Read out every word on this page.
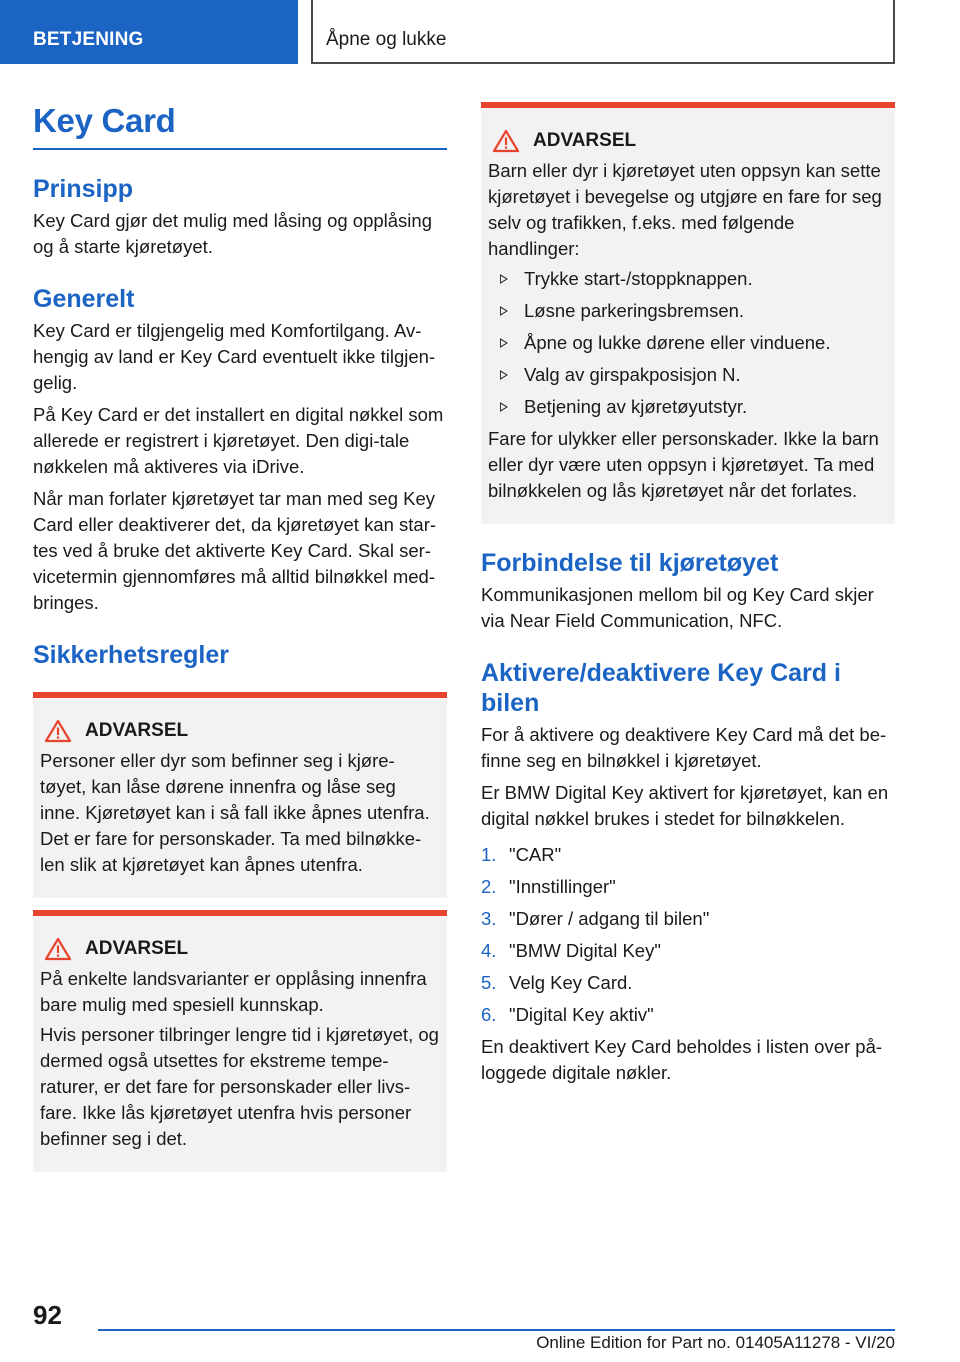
BETJENING	Åpne og lukke
Key Card
Prinsipp

Key Card gjør det mulig med låsing og opplåsing og å starte kjøretøyet.

Generelt

Key Card er tilgjengelig med Komfortilgang. Av-hengig av land er Key Card eventuelt ikke tilgjen-gelig.

På Key Card er det installert en digital nøkkel som allerede er registrert i kjøretøyet. Den digi-tale nøkkelen må aktiveres via iDrive.

Når man forlater kjøretøyet tar man med seg Key Card eller deaktiverer det, da kjøretøyet kan star-tes ved å bruke det aktiverte Key Card. Skal ser-vicetermin gjennomføres må alltid bilnøkkel med-bringes.

Sikkerhetsregler
ADVARSEL

Personer eller dyr som befinner seg i kjøre-tøyet, kan låse dørene innenfra og låse seg inne. Kjøretøyet kan i så fall ikke åpnes utenfra. Det er fare for personskader. Ta med bilnøkke-len slik at kjøretøyet kan åpnes utenfra.

ADVARSEL

På enkelte landsvarianter er opplåsing innenfra bare mulig med spesiell kunnskap.

Hvis personer tilbringer lengre tid i kjøretøyet, og dermed også utsettes for ekstreme tempe-raturer, er det fare for personskader eller livs-fare. Ikke lås kjøretøyet utenfra hvis personer befinner seg i det.

ADVARSEL

Barn eller dyr i kjøretøyet uten oppsyn kan sette kjøretøyet i bevegelse og utgjøre en fare for seg selv og trafikken, f.eks. med følgende handlinger:

Trykke start-/stoppknappen.
Løsne parkeringsbremsen.
Åpne og lukke dørene eller vinduene.
Valg av girspakposisjon N.
Betjening av kjøretøyutstyr.

Fare for ulykker eller personskader. Ikke la barn eller dyr være uten oppsyn i kjøretøyet. Ta med bilnøkkelen og lås kjøretøyet når det forlates.

Forbindelse til kjøretøyet

Kommunikasjonen mellom bil og Key Card skjer via Near Field Communication, NFC.

Aktivere/deaktivere Key Card i bilen

For å aktivere og deaktivere Key Card må det be-finne seg en bilnøkkel i kjøretøyet.

Er BMW Digital Key aktivert for kjøretøyet, kan en digital nøkkel brukes i stedet for bilnøkkelen.

1. "CAR"
2. "Innstillinger"
3. "Dører / adgang til bilen"
4. "BMW Digital Key"
5. Velg Key Card.
6. "Digital Key aktiv"

En deaktivert Key Card beholdes i listen over på-loggede digitale nøkler.

92
Online Edition for Part no. 01405A11278 - VI/20
